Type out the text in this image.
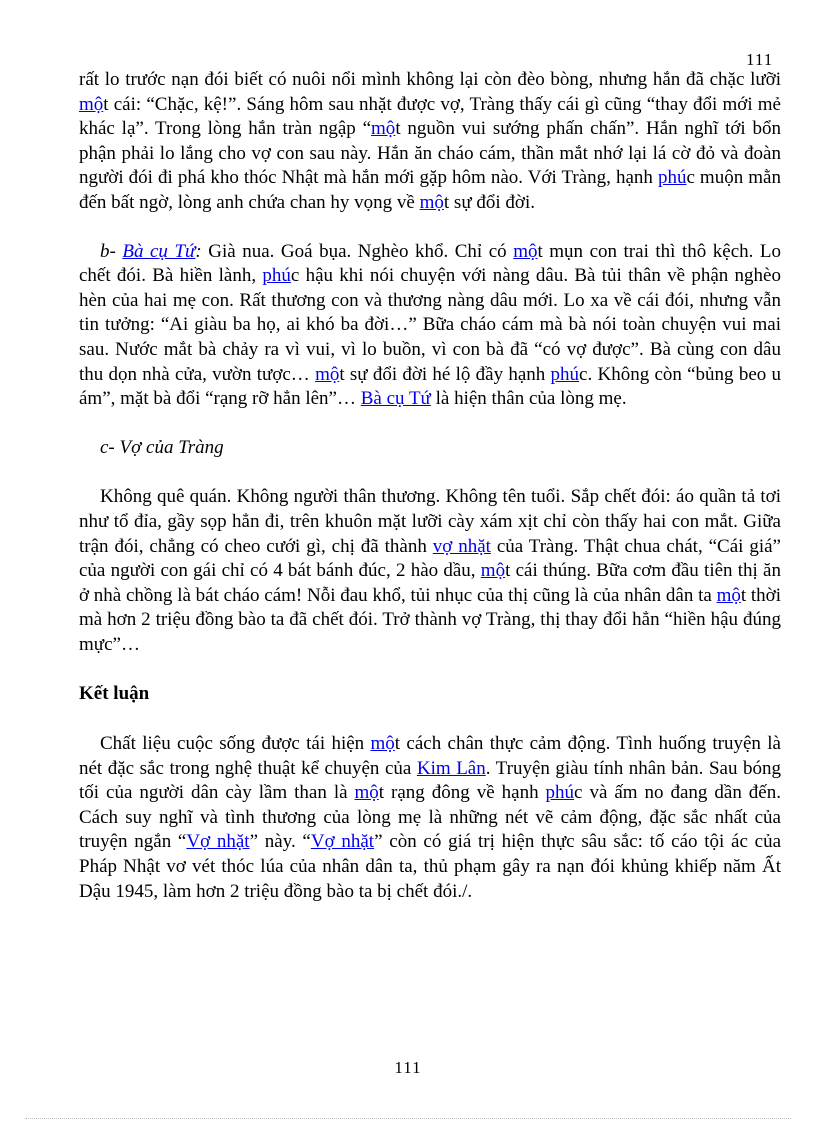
111

rất lo trước nạn đói biết có nuôi nổi mình không lại còn đèo bòng, nhưng hắn đã chặc lưỡi một cái: “Chặc, kệ!”. Sáng hôm sau nhặt được vợ, Tràng thấy cái gì cũng “thay đổi mới mẻ khác lạ”. Trong lòng hắn tràn ngập “một nguồn vui sướng phấn chấn”. Hắn nghĩ tới bổn phận phải lo lắng cho vợ con sau này. Hắn ăn cháo cám, thần mắt nhớ lại lá cờ đỏ và đoàn người đói đi phá kho thóc Nhật mà hắn mới gặp hôm nào. Với Tràng, hạnh phúc muộn mằn đến bất ngờ, lòng anh chứa chan hy vọng về một sự đổi đời.

b- Bà cụ Tứ: Già nua. Goá bụa. Nghèo khổ. Chỉ có một mụn con trai thì thô kệch. Lo chết đói. Bà hiền lành, phúc hậu khi nói chuyện với nàng dâu. Bà tủi thân về phận nghèo hèn của hai mẹ con. Rất thương con và thương nàng dâu mới. Lo xa về cái đói, nhưng vẫn tin tưởng: “Ai giàu ba họ, ai khó ba đời…” Bữa cháo cám mà bà nói toàn chuyện vui mai sau. Nước mắt bà chảy ra vì vui, vì lo buồn, vì con bà đã “có vợ được”. Bà cùng con dâu thu dọn nhà cửa, vườn tược… một sự đổi đời hé lộ đầy hạnh phúc. Không còn “bủng beo u ám”, mặt bà đổi “rạng rỡ hẳn lên”… Bà cụ Tứ là hiện thân của lòng mẹ.

c- Vợ của Tràng

Không quê quán. Không người thân thương. Không tên tuổi. Sắp chết đói: áo quần tả tơi như tổ đỉa, gầy sọp hẳn đi, trên khuôn mặt lưỡi cày xám xịt chỉ còn thấy hai con mắt. Giữa trận đói, chẳng có cheo cưới gì, chị đã thành vợ nhặt của Tràng. Thật chua chát, “Cái giá” của người con gái chỉ có 4 bát bánh đúc, 2 hào dầu, một cái thúng. Bữa cơm đầu tiên thị ăn ở nhà chồng là bát cháo cám! Nỗi đau khổ, tủi nhục của thị cũng là của nhân dân ta một thời mà hơn 2 triệu đồng bào ta đã chết đói. Trở thành vợ Tràng, thị thay đổi hẳn “hiền hậu đúng mực”…

Kết luận

Chất liệu cuộc sống được tái hiện một cách chân thực cảm động. Tình huống truyện là nét đặc sắc trong nghệ thuật kể chuyện của Kim Lân. Truyện giàu tính nhân bản. Sau bóng tối của người dân cày lầm than là một rạng đông về hạnh phúc và ấm no đang dần đến. Cách suy nghĩ và tình thương của lòng mẹ là những nét vẽ cảm động, đặc sắc nhất của truyện ngắn “Vợ nhặt” này. “Vợ nhặt” còn có giá trị hiện thực sâu sắc: tố cáo tội ác của Pháp Nhật vơ vét thóc lúa của nhân dân ta, thủ phạm gây ra nạn đói khủng khiếp năm Ất Dậu 1945, làm hơn 2 triệu đồng bào ta bị chết đói./.

111
